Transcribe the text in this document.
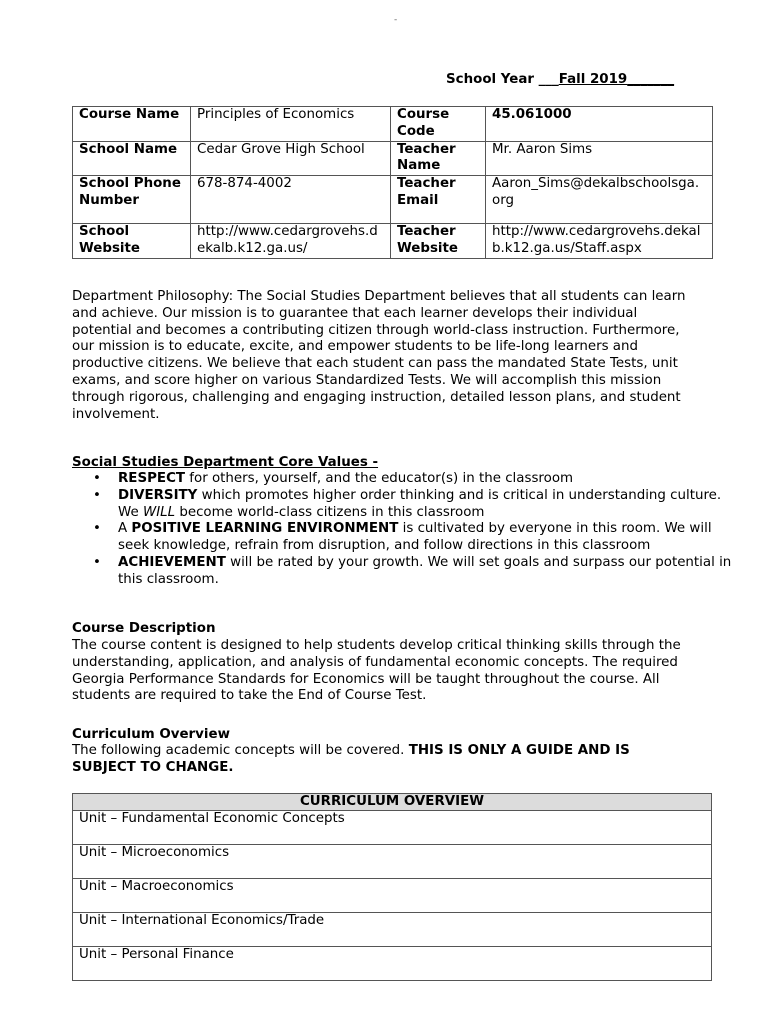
-
School Year ___Fall 2019_______
Course Name	Principles of Economics	Course Code	45.061000
School Name	Cedar Grove High School	Teacher Name	Mr. Aaron Sims
School Phone Number	678-874-4002	Teacher Email	Aaron_Sims@dekalbschoolsga.org
School Website	http://www.cedargrovehs.dekalb.k12.ga.us/	Teacher Website	http://www.cedargrovehs.dekalb.k12.ga.us/Staff.aspx
Department Philosophy: The Social Studies Department believes that all students can learn and achieve. Our mission is to guarantee that each learner develops their individual potential and becomes a contributing citizen through world-class instruction. Furthermore, our mission is to educate, excite, and empower students to be life-long learners and productive citizens. We believe that each student can pass the mandated State Tests, unit exams, and score higher on various Standardized Tests. We will accomplish this mission through rigorous, challenging and engaging instruction, detailed lesson plans, and student involvement.
Social Studies Department Core Values -
• RESPECT for others, yourself, and the educator(s) in the classroom
• DIVERSITY which promotes higher order thinking and is critical in understanding culture. We WILL become world-class citizens in this classroom
• A POSITIVE LEARNING ENVIRONMENT is cultivated by everyone in this room. We will seek knowledge, refrain from disruption, and follow directions in this classroom
• ACHIEVEMENT will be rated by your growth. We will set goals and surpass our potential in this classroom.
Course Description
The course content is designed to help students develop critical thinking skills through the understanding, application, and analysis of fundamental economic concepts. The required Georgia Performance Standards for Economics will be taught throughout the course. All students are required to take the End of Course Test.
Curriculum Overview
The following academic concepts will be covered. THIS IS ONLY A GUIDE AND IS SUBJECT TO CHANGE.
CURRICULUM OVERVIEW
Unit – Fundamental Economic Concepts
Unit – Microeconomics
Unit – Macroeconomics
Unit – International Economics/Trade
Unit – Personal Finance
